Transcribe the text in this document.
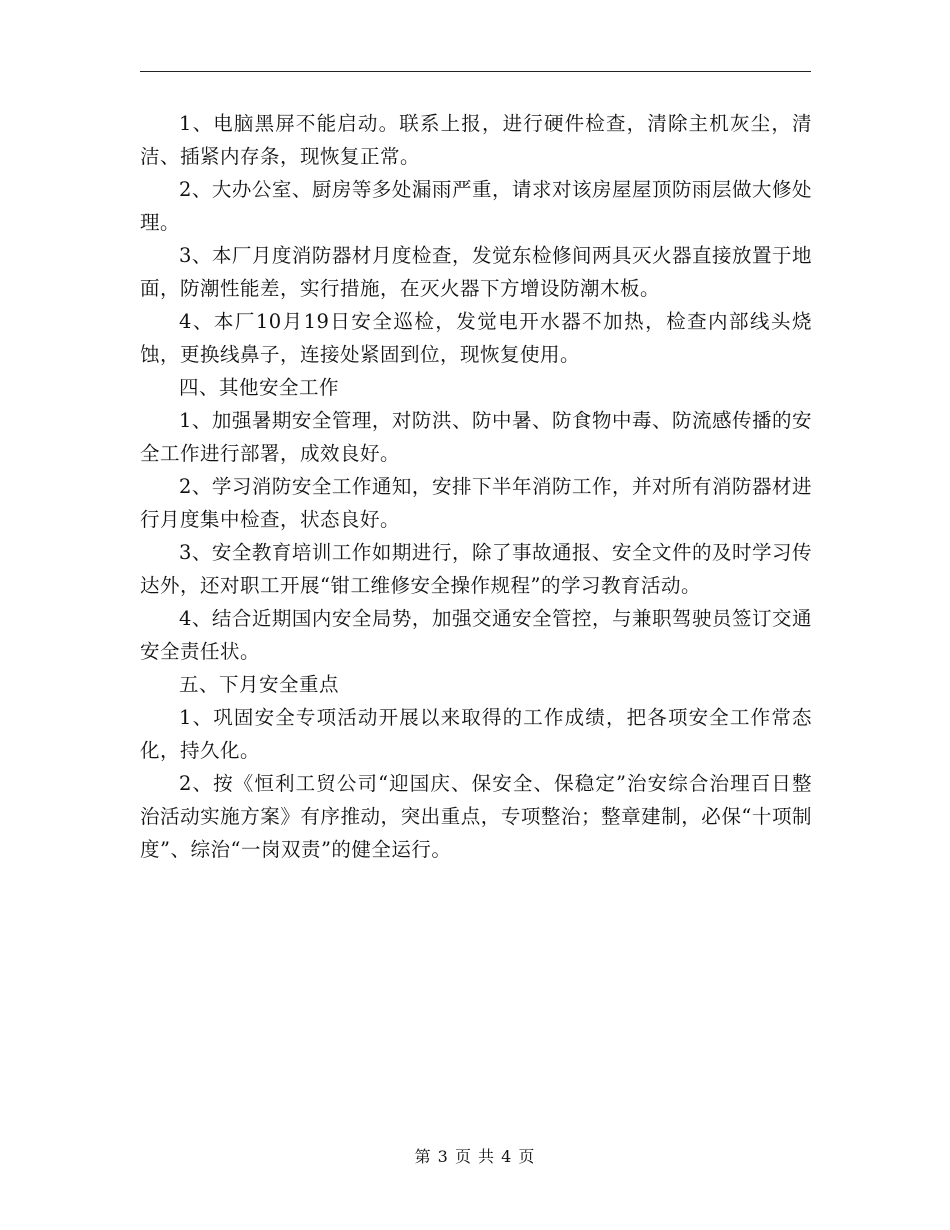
1、电脑黑屏不能启动。联系上报，进行硬件检查，清除主机灰尘，清洁、插紧内存条，现恢复正常。

2、大办公室、厨房等多处漏雨严重，请求对该房屋屋顶防雨层做大修处理。

3、本厂月度消防器材月度检查，发觉东检修间两具灭火器直接放置于地面，防潮性能差，实行措施，在灭火器下方增设防潮木板。

4、本厂10月19日安全巡检，发觉电开水器不加热，检查内部线头烧蚀，更换线鼻子，连接处紧固到位，现恢复使用。

四、其他安全工作

1、加强暑期安全管理，对防洪、防中暑、防食物中毒、防流感传播的安全工作进行部署，成效良好。

2、学习消防安全工作通知，安排下半年消防工作，并对所有消防器材进行月度集中检查，状态良好。

3、安全教育培训工作如期进行，除了事故通报、安全文件的及时学习传达外，还对职工开展“钳工维修安全操作规程”的学习教育活动。

4、结合近期国内安全局势，加强交通安全管控，与兼职驾驶员签订交通安全责任状。

五、下月安全重点

1、巩固安全专项活动开展以来取得的工作成绩，把各项安全工作常态化，持久化。

2、按《恒利工贸公司“迎国庆、保安全、保稳定”治安综合治理百日整治活动实施方案》有序推动，突出重点，专项整治；整章建制，必保“十项制度”、综治“一岗双责”的健全运行。

第 3 页 共 4 页
